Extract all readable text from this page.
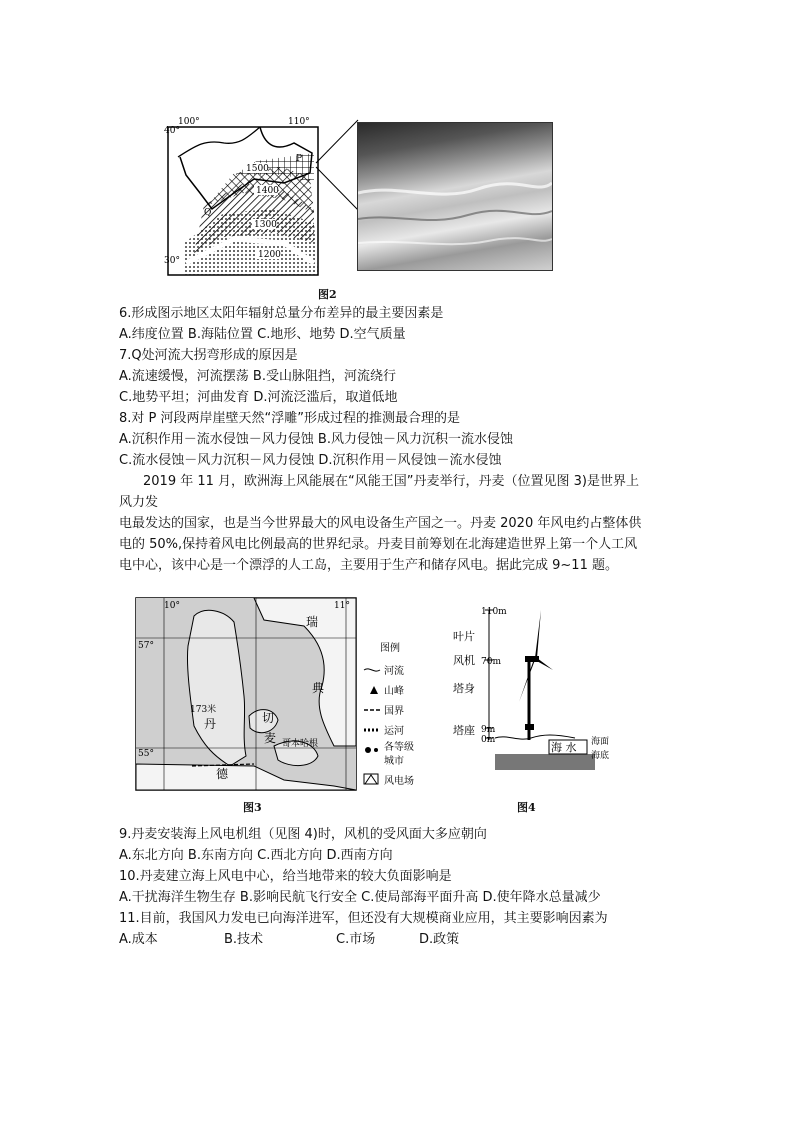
100°	110°
40°
30°
1500
1400
1300
1200
P
Q
图2
6.形成图示地区太阳年辐射总量分布差异的最主要因素是
A.纬度位置 B.海陆位置 C.地形、地势 D.空气质量
7.Q处河流大拐弯形成的原因是
A.流速缓慢，河流摆荡 B.受山脉阻挡，河流绕行
C.地势平坦；河曲发育 D.河流泛滥后，取道低地
8.对 P 河段两岸崖壁天然“浮雕”形成过程的推测最合理的是
A.沉积作用－流水侵蚀－风力侵蚀 B.风力侵蚀－风力沉积一流水侵蚀
C.流水侵蚀－风力沉积－风力侵蚀 D.沉积作用－风侵蚀－流水侵蚀
2019 年 11 月，欧洲海上风能展在“风能王国”丹麦举行，丹麦（位置见图 3)是世界上
风力发
电最发达的国家，也是当今世界最大的风电设备生产国之一。丹麦 2020 年风电约占整体供
电的 50%,保持着风电比例最高的世界纪录。丹麦目前筹划在北海建造世界上第一个人工风
电中心，该中心是一个漂浮的人工岛，主要用于生产和储存风电。据此完成 9~11 题。
10°	11°
57°
55°
瑞
典
丹
麦
德
哥本哈根
173米
切
图例
河流
山峰
国界
运河
各等级
城市
风电场
图3
110m
70m
9m
0m
叶片
风机
塔身
塔座
海 水 海面
海底
图4
9.丹麦安装海上风电机组（见图 4)时，风机的受风面大多应朝向
A.东北方向 B.东南方向 C.西北方向 D.西南方向
10.丹麦建立海上风电中心，给当地带来的较大负面影响是
A.干扰海洋生物生存 B.影响民航飞行安全 C.使局部海平面升高 D.使年降水总量减少
11.目前，我国风力发电已向海洋进军，但还没有大规模商业应用，其主要影响因素为
A.成本	B.技术	C.市场	D.政策
